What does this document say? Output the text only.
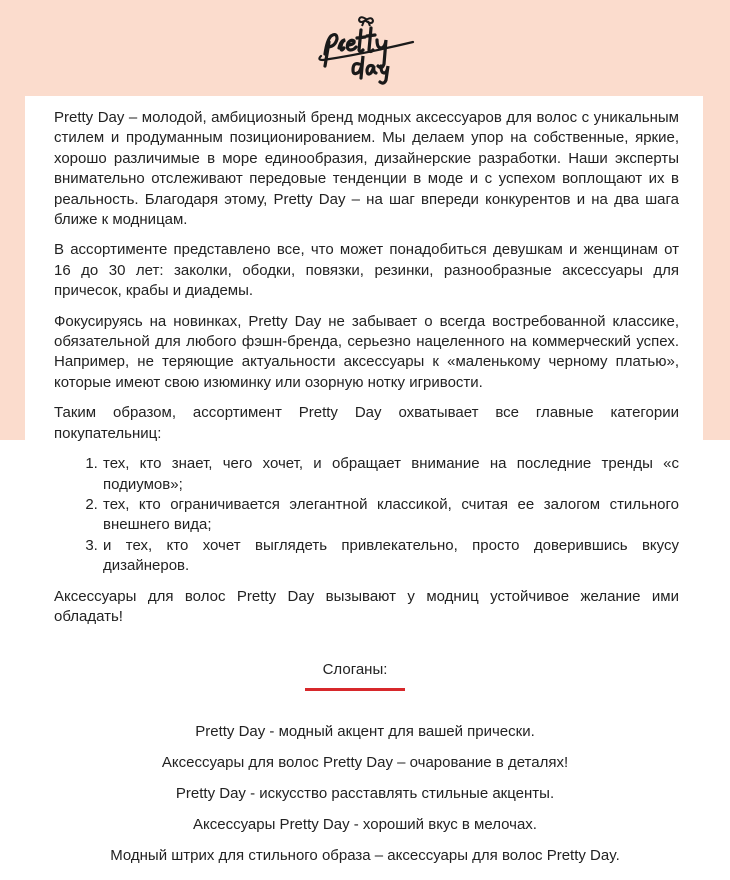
Pretty Day – молодой, амбициозный бренд модных аксессуаров для волос с уникальным стилем и продуманным позиционированием. Мы делаем упор на собственные, яркие, хорошо различимые в море единообразия, дизайнерские разработки. Наши эксперты внимательно отслеживают передовые тенденции в моде и с успехом воплощают их в реальность. Благодаря этому, Pretty Day – на шаг впереди конкурентов и на два шага ближе к модницам.

В ассортименте представлено все, что может понадобиться девушкам и женщинам от 16 до 30 лет: заколки, ободки, повязки, резинки, разнообразные аксессуары для причесок, крабы и диадемы.

Фокусируясь на новинках, Pretty Day не забывает о всегда востребованной классике, обязательной для любого фэшн-бренда, серьезно нацеленного на коммерческий успех. Например, не теряющие актуальности аксессуары к «маленькому черному платью», которые имеют свою изюминку или озорную нотку игривости.

Таким образом, ассортимент Pretty Day охватывает все главные категории покупательниц:

1. тех, кто знает, чего хочет, и обращает внимание на последние тренды «с подиумов»;
2. тех, кто ограничивается элегантной классикой, считая ее залогом стильного внешнего вида;
3. и тех, кто хочет выглядеть привлекательно, просто доверившись вкусу дизайнеров.

Аксессуары для волос Pretty Day вызывают у модниц устойчивое желание ими обладать!

Слоганы:
Pretty Day - модный акцент для вашей прически.
Аксессуары для волос Pretty Day – очарование в деталях!
Pretty Day - искусство расставлять стильные акценты.
Аксессуары Pretty Day - хороший вкус в мелочах.
Модный штрих для стильного образа – аксессуары для волос Pretty Day.
